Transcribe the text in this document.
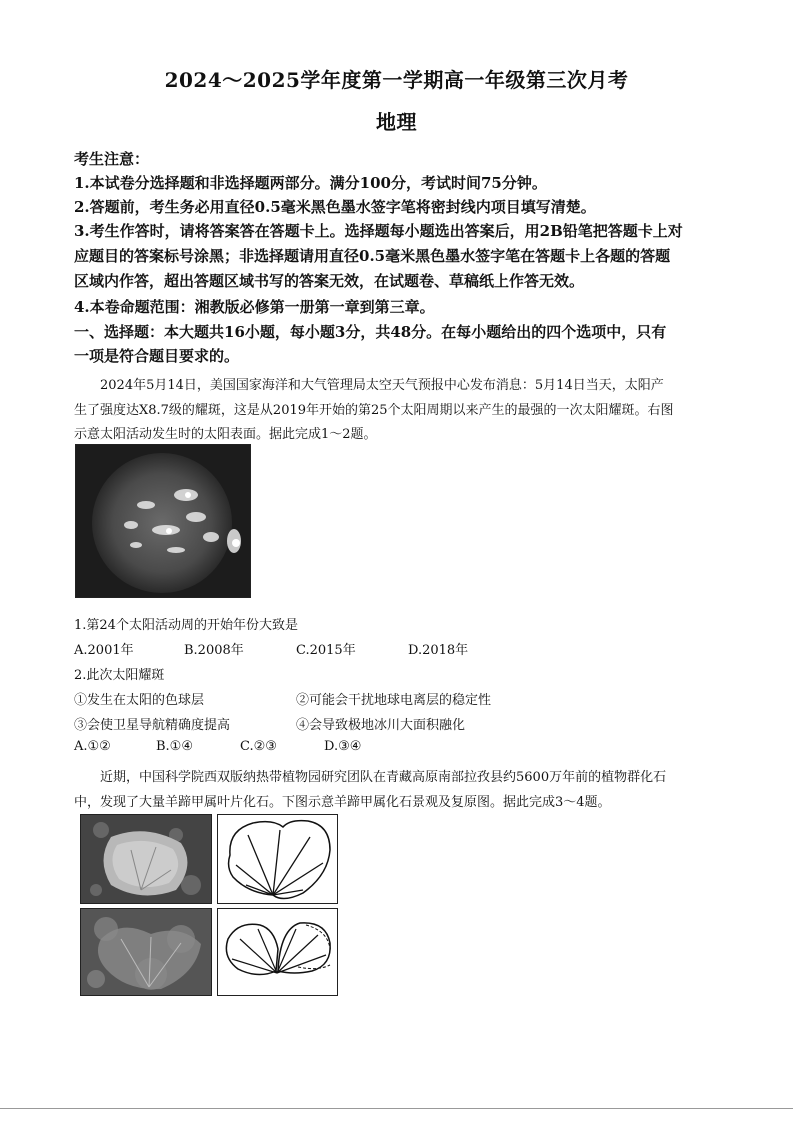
2024～2025学年度第一学期高一年级第三次月考
地理
考生注意：
1.本试卷分选择题和非选择题两部分。满分100分，考试时间75分钟。
2.答题前，考生务必用直径0.5毫米黑色墨水签字笔将密封线内项目填写清楚。
3.考生作答时，请将答案答在答题卡上。选择题每小题选出答案后，用2B铅笔把答题卡上对
应题目的答案标号涂黑；非选择题请用直径0.5毫米黑色墨水签字笔在答题卡上各题的答题
区域内作答，超出答题区域书写的答案无效，在试题卷、草稿纸上作答无效。
4.本卷命题范围：湘教版必修第一册第一章到第三章。
一、选择题：本大题共16小题，每小题3分，共48分。在每小题给出的四个选项中，只有
一项是符合题目要求的。
2024年5月14日，美国国家海洋和大气管理局太空天气预报中心发布消息：5月14日当天，太阳产
生了强度达X8.7级的耀斑，这是从2019年开始的第25个太阳周期以来产生的最强的一次太阳耀斑。右图
示意太阳活动发生时的太阳表面。据此完成1～2题。
1.第24个太阳活动周的开始年份大致是
A.2001年	B.2008年	C.2015年	D.2018年
2.此次太阳耀斑
①发生在太阳的色球层	②可能会干扰地球电离层的稳定性
③会使卫星导航精确度提高	④会导致极地冰川大面积融化
A.①②	B.①④	C.②③	D.③④
近期，中国科学院西双版纳热带植物园研究团队在青藏高原南部拉孜县约5600万年前的植物群化石
中，发现了大量羊蹄甲属叶片化石。下图示意羊蹄甲属化石景观及复原图。据此完成3～4题。
